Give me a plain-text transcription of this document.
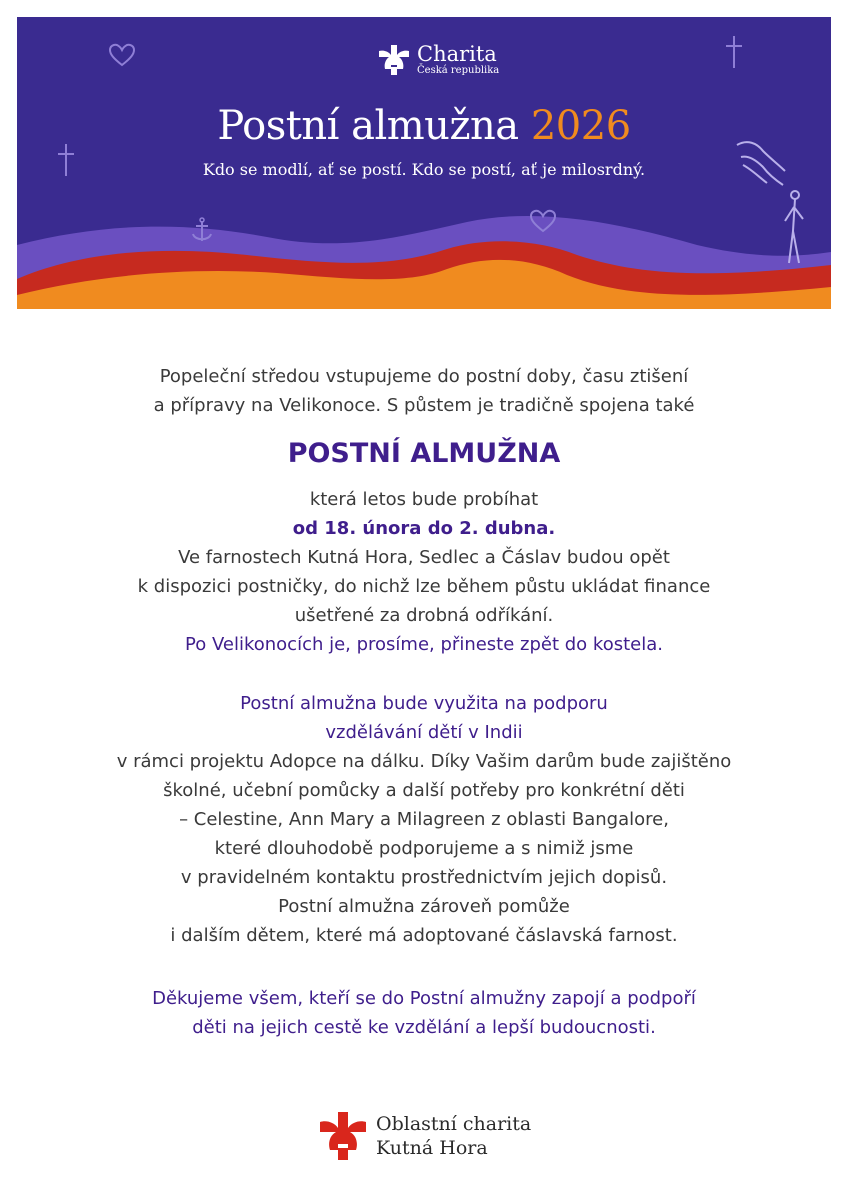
Charita
Česká republika
Postní almužna 2026
Kdo se modlí, ať se postí. Kdo se postí, ať je milosrdný.

Popeleční středou vstupujeme do postní doby, času ztišení

a přípravy na Velikonoce. S půstem je tradičně spojena také

POSTNÍ ALMUŽNA

která letos bude probíhat

od 18. února do 2. dubna.

Ve farnostech Kutná Hora, Sedlec a Čáslav budou opět

k dispozici postničky, do nichž lze během půstu ukládat finance

ušetřené za drobná odříkání.

Po Velikonocích je, prosíme, přineste zpět do kostela.

Postní almužna bude využita na podporu

vzdělávání dětí v Indii

v rámci projektu Adopce na dálku. Díky Vašim darům bude zajištěno

školné, učební pomůcky a další potřeby pro konkrétní děti

– Celestine, Ann Mary a Milagreen z oblasti Bangalore,

které dlouhodobě podporujeme a s nimiž jsme

v pravidelném kontaktu prostřednictvím jejich dopisů.

Postní almužna zároveň pomůže

i dalším dětem, které má adoptované čáslavská farnost.

Děkujeme všem, kteří se do Postní almužny zapojí a podpoří

děti na jejich cestě ke vzdělání a lepší budoucnosti.

Oblastní charita
Kutná Hora
